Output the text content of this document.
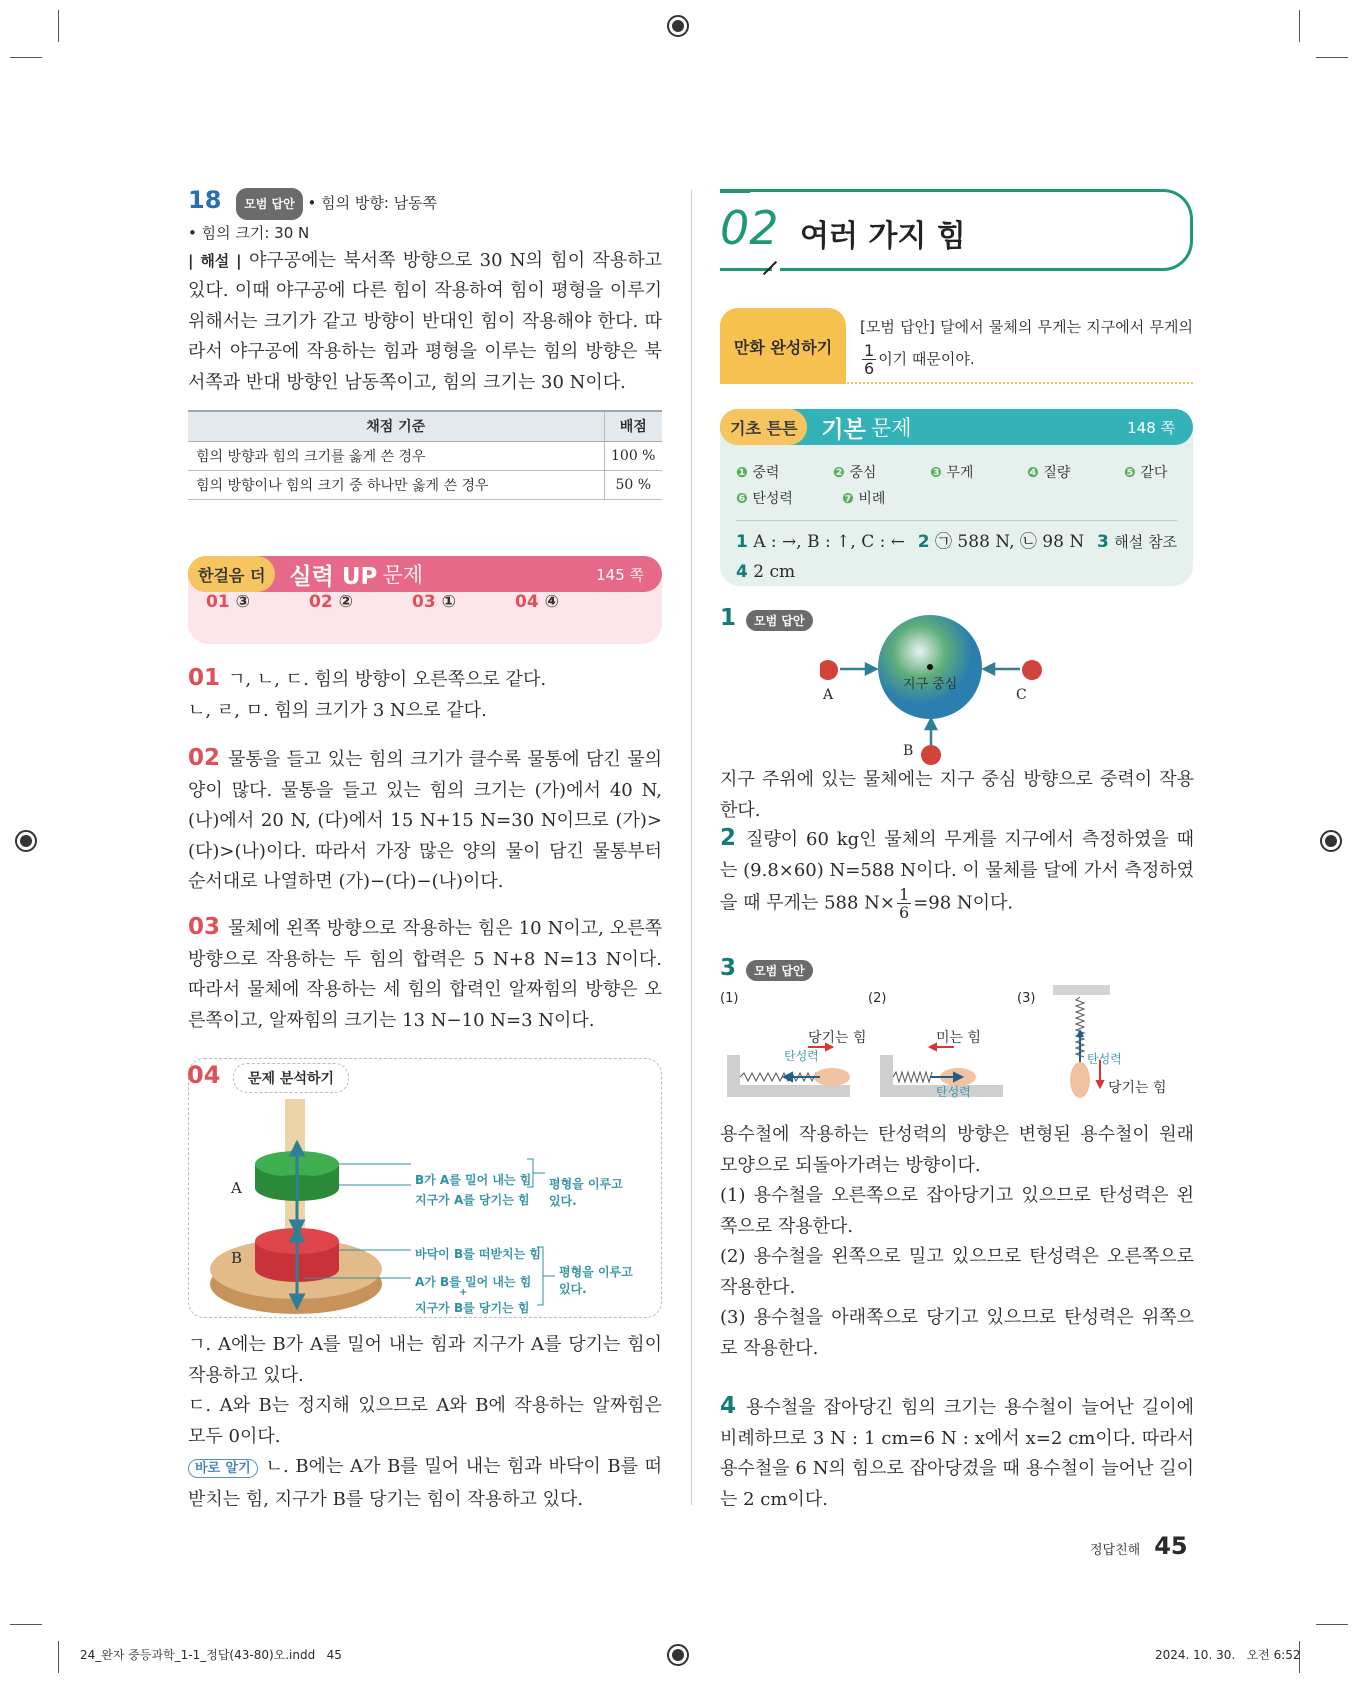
18 모범 답안 • 힘의 방향: 남동쪽
• 힘의 크기: 30 N
| 해설 | 야구공에는 북서쪽 방향으로 30 N의 힘이 작용하고 있다. 이때 야구공에 다른 힘이 작용하여 힘이 평형을 이루기 위해서는 크기가 같고 방향이 반대인 힘이 작용해야 한다. 따라서 야구공에 작용하는 힘과 평형을 이루는 힘의 방향은 북서쪽과 반대 방향인 남동쪽이고, 힘의 크기는 30 N이다.
채점 기준	배점
힘의 방향과 힘의 크기를 옳게 쓴 경우	100 %
힘의 방향이나 힘의 크기 중 하나만 옳게 쓴 경우	50 %
01 ③	02 ②	03 ①	04 ④
한걸음 더	실력 UP
문제	145 쪽
01 ㄱ, ㄴ, ㄷ. 힘의 방향이 오른쪽으로 같다.
ㄴ, ㄹ, ㅁ. 힘의 크기가 3 N으로 같다.
02 물통을 들고 있는 힘의 크기가 클수록 물통에 담긴 물의 양이 많다. 물통을 들고 있는 힘의 크기는 (가)에서 40 N, (나)에서 20 N, (다)에서 15 N+15 N=30 N이므로 (가)>(다)>(나)이다. 따라서 가장 많은 양의 물이 담긴 물통부터 순서대로 나열하면 (가)−(다)−(나)이다.
03 물체에 왼쪽 방향으로 작용하는 힘은 10 N이고, 오른쪽 방향으로 작용하는 두 힘의 합력은 5 N+8 N=13 N이다. 따라서 물체에 작용하는 세 힘의 합력인 알짜힘의 방향은 오른쪽이고, 알짜힘의 크기는 13 N−10 N=3 N이다.
04	문제 분석하기
A
B
B가 A를 밀어 내는 힘
지구가 A를 당기는 힘
평형을 이루고 있다.
바닥이 B를 떠받치는 힘
A가 B를 밀어 내는 힘
+
지구가 B를 당기는 힘
평형을 이루고 있다.
ㄱ. A에는 B가 A를 밀어 내는 힘과 지구가 A를 당기는 힘이 작용하고 있다.
ㄷ. A와 B는 정지해 있으므로 A와 B에 작용하는 알짜힘은 모두 0이다.
바로 알기 ㄴ. B에는 A가 B를 밀어 내는 힘과 바닥이 B를 떠받치는 힘, 지구가 B를 당기는 힘이 작용하고 있다.
02 여러 가지 힘
만화 완성하기
[모범 답안] 달에서 물체의 무게는 지구에서 무게의
$\frac{1}{6}$ 이기 때문이야.
❶ 중력	❷ 중심	❸ 무게	❹ 질량	❺ 같다
❻ 탄성력	❼ 비례
1 A : →, B : ↑, C : ← 2 ㉠ 588 N, ㉡ 98 N 3 해설 참조
4 2 cm
기초 튼튼	기본
문제	148 쪽
1 모범 답안
지구 중심
A	C
B
지구 주위에 있는 물체에는 지구 중심 방향으로 중력이 작용한다.
2 질량이 60 kg인 물체의 무게를 지구에서 측정하였을 때는 (9.8×60) N=588 N이다. 이 물체를 달에 가서 측정하였을 때 무게는 588 $N\times \frac{1}{6} =98$ N이다.
3 모범 답안
(1)	(2)	(3)
당기는 힘
탄성력
미는 힘
탄성력
탄성력
당기는 힘
용수철에 작용하는 탄성력의 방향은 변형된 용수철이 원래 모양으로 되돌아가려는 방향이다.
(1) 용수철을 오른쪽으로 잡아당기고 있으므로 탄성력은 왼쪽으로 작용한다.
(2) 용수철을 왼쪽으로 밀고 있으므로 탄성력은 오른쪽으로 작용한다.
(3) 용수철을 아래쪽으로 당기고 있으므로 탄성력은 위쪽으로 작용한다.
4 용수철을 잡아당긴 힘의 크기는 용수철이 늘어난 길이에 비례하므로 3 N : 1 cm=6 N : x에서 x=2 cm이다. 따라서 용수철을 6 N의 힘으로 잡아당겼을 때 용수철이 늘어난 길이는 2 cm이다.
정답친해 45
24_완자 중등과학_1-1_정답(43-80)오.indd   45	2024. 10. 30.   오전 6:52
